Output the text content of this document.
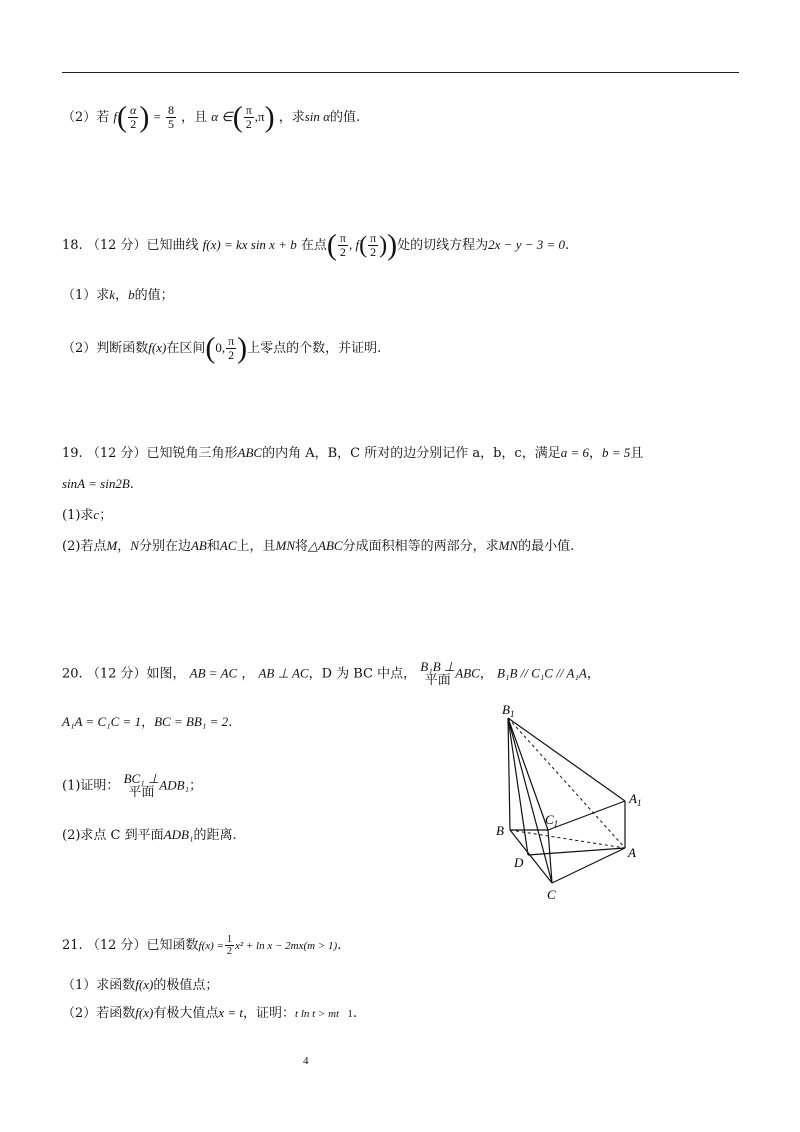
（2）若 $f( \frac{\alpha}{2}$ ) = $\frac{8}{5}$ ，且 α ∈( $\frac{\pi}{2} ,\pi$) ，求sin α的值.
18. （12 分）已知曲线 f(x) = kx sin x + b 在点( $\frac{\pi}{2}$ , $f( \frac{\pi}{2}$ ))处的切线方程为2x − y − 3 = 0.
（1）求k，b的值；
（2）判断函数f(x)在区间(0, $\frac{\pi}{2}$ )上零点的个数，并证明.
19. （12 分）已知锐角三角形ABC的内角 A，B，C 所对的边分别记作 a，b，c，满足a = 6，b = 5且
sinA = sin2B.
(1)求c；
(2)若点M，N分别在边AB和AC上，且MN将△ABC分成面积相等的两部分，求MN的最小值.
20. （12 分）如图， AB = AC ， AB ⊥ AC，D 为 BC 中点， B₁B ⊥
平面 ABC， B₁B // C₁C // A₁A，
A₁A = C₁C = 1，BC = BB₁ = 2.
(1)证明： BC₁ ⊥
平面 ADB₁；
(2)求点 C 到平面ADB₁的距离.
$B_1$
$A_1$
$C_1$
B
D
A
C
21. （12 分）已知函数$f(x) = \frac{1}{2} x^2 + \ln x - 2mx(m > 1)$.
（1）求函数f(x)的极值点；
（2）若函数f(x)有极大值点x = t，证明：t ln t > mt 1.
4
